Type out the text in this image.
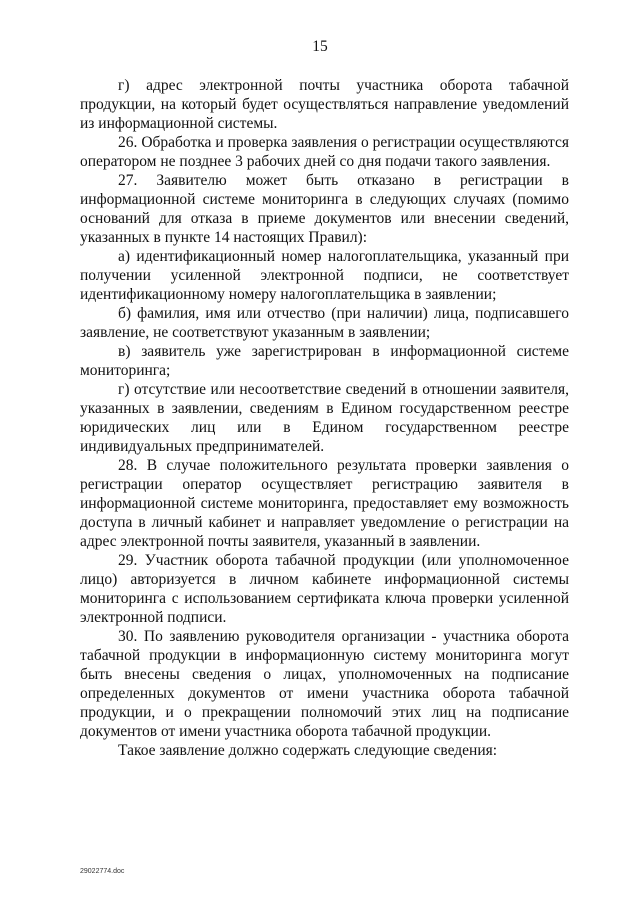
15

г) адрес электронной почты участника оборота табачной продукции, на который будет осуществляться направление уведомлений из информационной системы.

26. Обработка и проверка заявления о регистрации осуществляются оператором не позднее 3 рабочих дней со дня подачи такого заявления.

27. Заявителю может быть отказано в регистрации в информационной системе мониторинга в следующих случаях (помимо оснований для отказа в приеме документов или внесении сведений, указанных в пункте 14 настоящих Правил):

а) идентификационный номер налогоплательщика, указанный при получении усиленной электронной подписи, не соответствует идентификационному номеру налогоплательщика в заявлении;

б) фамилия, имя или отчество (при наличии) лица, подписавшего заявление, не соответствуют указанным в заявлении;

в) заявитель уже зарегистрирован в информационной системе мониторинга;

г) отсутствие или несоответствие сведений в отношении заявителя, указанных в заявлении, сведениям в Едином государственном реестре юридических лиц или в Едином государственном реестре индивидуальных предпринимателей.

28. В случае положительного результата проверки заявления о регистрации оператор осуществляет регистрацию заявителя в информационной системе мониторинга, предоставляет ему возможность доступа в личный кабинет и направляет уведомление о регистрации на адрес электронной почты заявителя, указанный в заявлении.

29. Участник оборота табачной продукции (или уполномоченное лицо) авторизуется в личном кабинете информационной системы мониторинга с использованием сертификата ключа проверки усиленной электронной подписи.

30. По заявлению руководителя организации - участника оборота табачной продукции в информационную систему мониторинга могут быть внесены сведения о лицах, уполномоченных на подписание определенных документов от имени участника оборота табачной продукции, и о прекращении полномочий этих лиц на подписание документов от имени участника оборота табачной продукции.

Такое заявление должно содержать следующие сведения:

29022774.doc
